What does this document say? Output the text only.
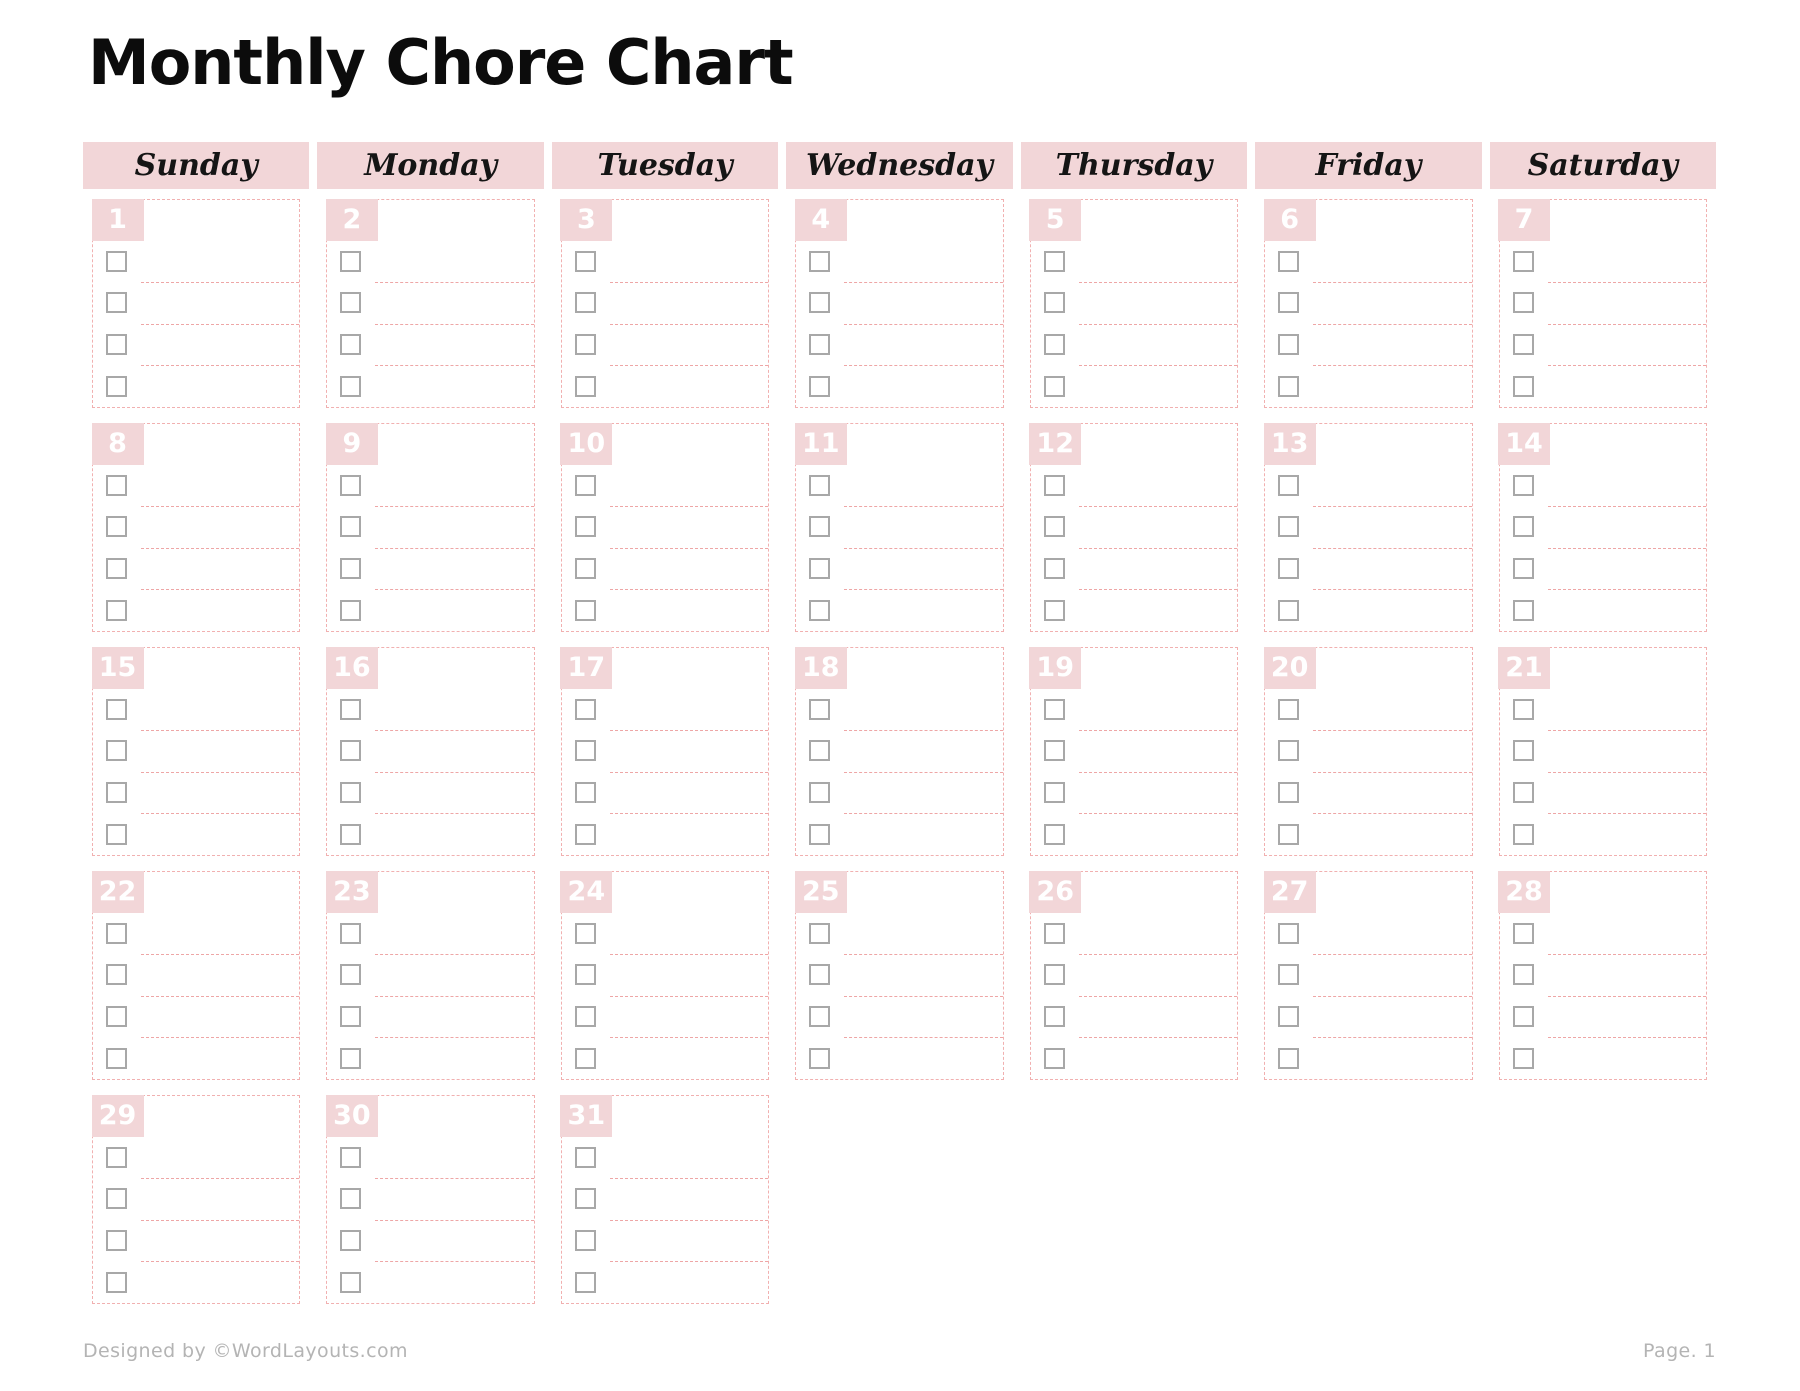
Monthly Chore Chart
Sunday	Monday	Tuesday	Wednesday	Thursday	Friday	Saturday
1	2	3	4	5	6	7
8	9	10	11	12	13	14
15	16	17	18	19	20	21
22	23	24	25	26	27	28
29	30	31
Designed by ©WordLayouts.com	Page. 1
